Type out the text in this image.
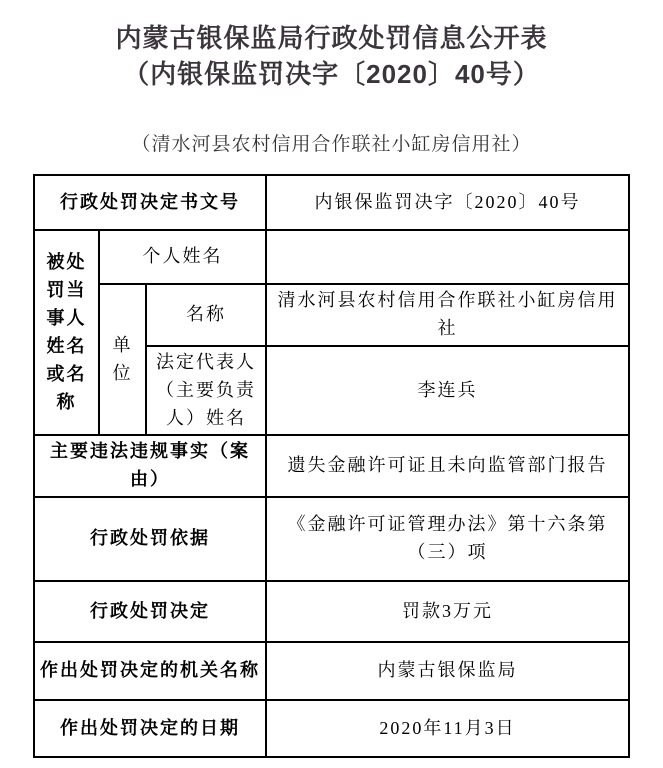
内蒙古银保监局行政处罚信息公开表
（内银保监罚决字〔2020〕40号）
（清水河县农村信用合作联社小缸房信用社）
行政处罚决定书文号			内银保监罚决字〔2020〕40号
被处罚当事人姓名或名称	个人姓名		
	单位	名称	清水河县农村信用合作联社小缸房信用社
		法定代表人（主要负责人）姓名	李连兵
主要违法违规事实（案由）			遗失金融许可证且未向监管部门报告
行政处罚依据			《金融许可证管理办法》第十六条第（三）项
行政处罚决定			罚款3万元
作出处罚决定的机关名称			内蒙古银保监局
作出处罚决定的日期			2020年11月3日
